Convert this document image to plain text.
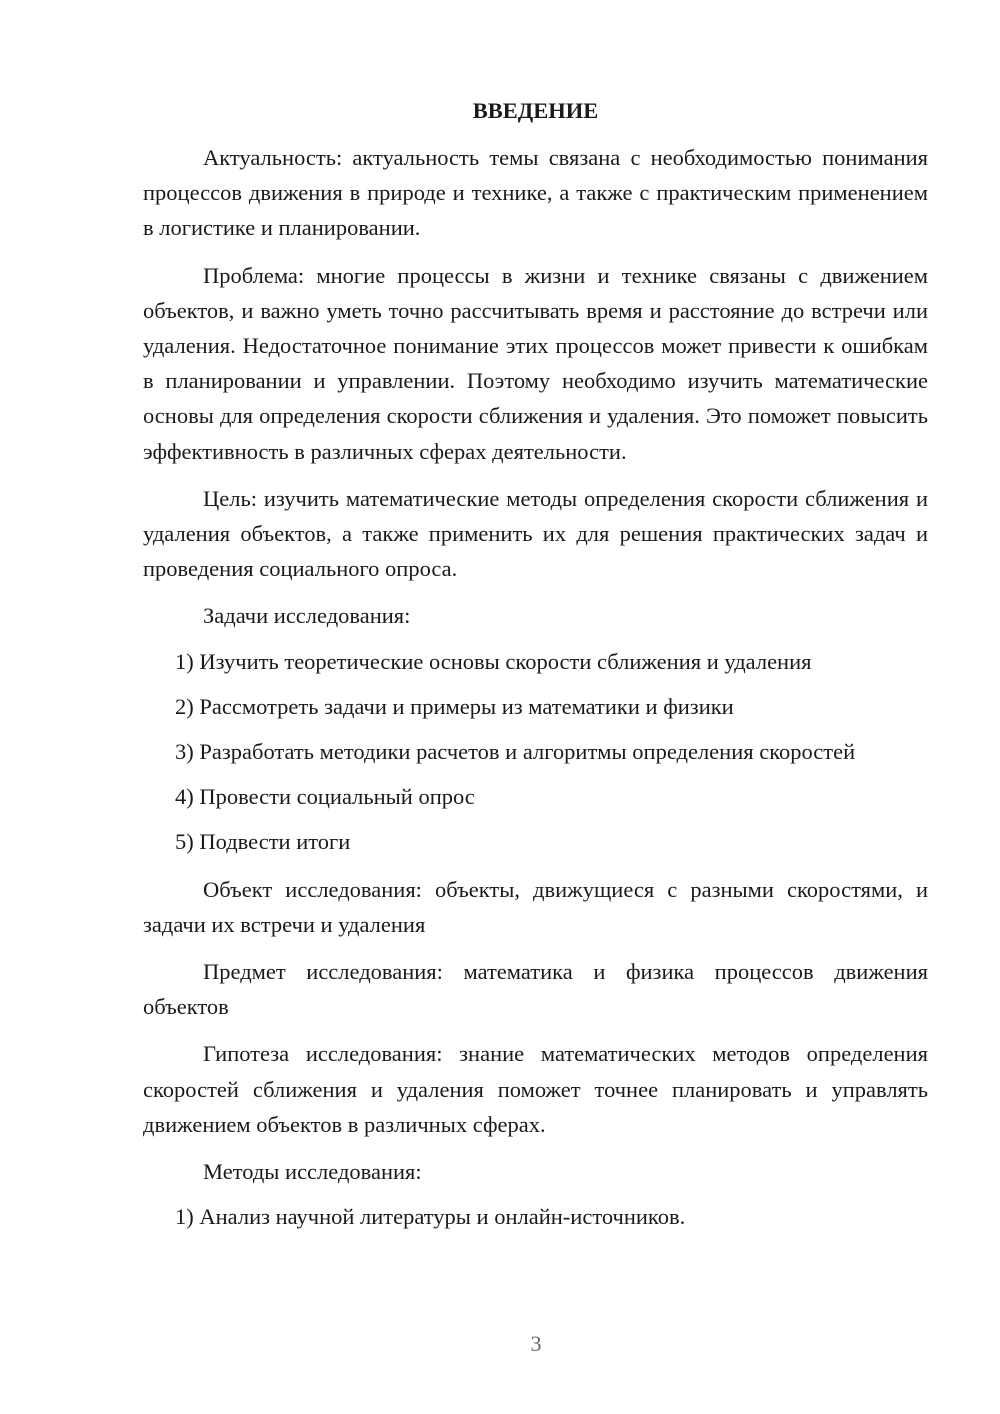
ВВЕДЕНИЕ

Актуальность: актуальность темы связана с необходимостью понимания процессов движения в природе и технике, а также с практическим применением в логистике и планировании.

Проблема: многие процессы в жизни и технике связаны с движением объектов, и важно уметь точно рассчитывать время и расстояние до встречи или удаления. Недостаточное понимание этих процессов может привести к ошибкам в планировании и управлении. Поэтому необходимо изучить математические основы для определения скорости сближения и удаления. Это поможет повысить эффективность в различных сферах деятельности.

Цель: изучить математические методы определения скорости сближения и удаления объектов, а также применить их для решения практических задач и проведения социального опроса.

Задачи исследования:

1) Изучить теоретические основы скорости сближения и удаления

2) Рассмотреть задачи и примеры из математики и физики

3) Разработать методики расчетов и алгоритмы определения скоростей

4) Провести социальный опрос

5) Подвести итоги

Объект исследования: объекты, движущиеся с разными скоростями, и задачи их встречи и удаления

Предмет исследования: математика и физика процессов движения объектов

Гипотеза исследования: знание математических методов определения скоростей сближения и удаления поможет точнее планировать и управлять движением объектов в различных сферах.

Методы исследования:

1) Анализ научной литературы и онлайн-источников.

3
